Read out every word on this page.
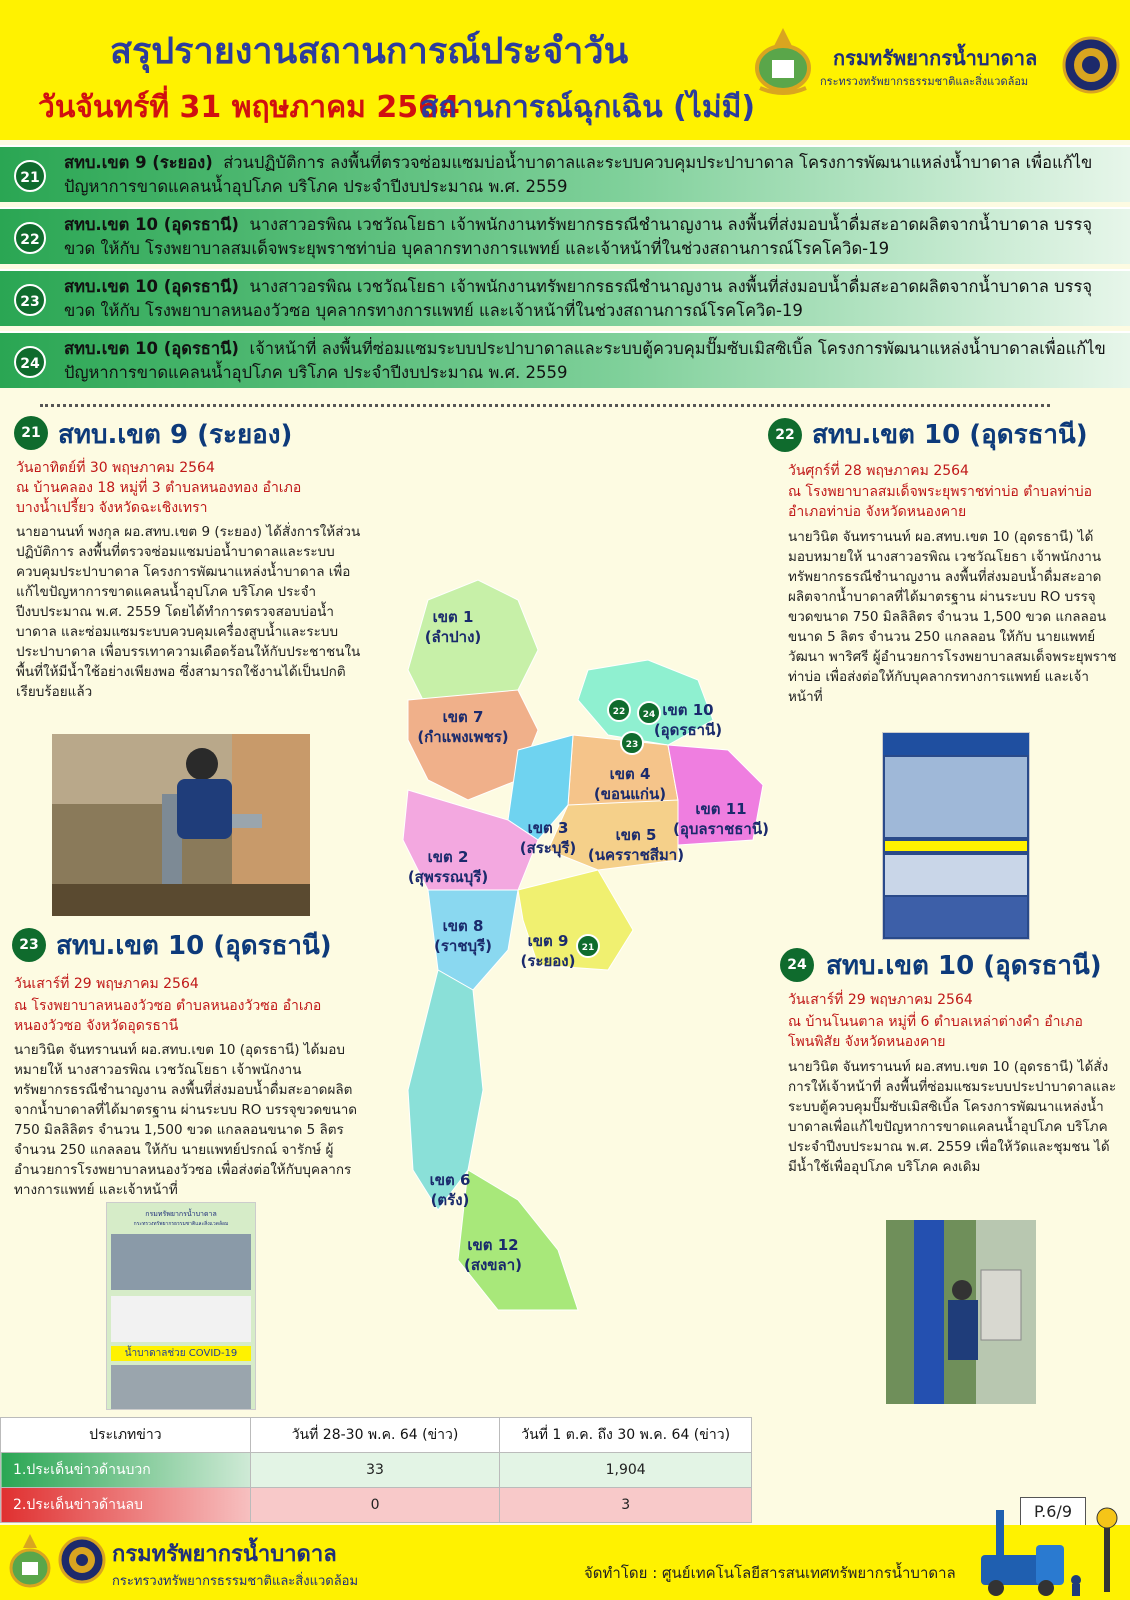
สรุปรายงานสถานการณ์ประจำวัน
วันจันทร์ที่ 31 พฤษภาคม 2564
สถานการณ์ฉุกเฉิน (ไม่มี)
กรมทรัพยากรน้ำบาดาล
กระทรวงทรัพยากรธรรมชาติและสิ่งแวดล้อม
21
สทบ.เขต 9 (ระยอง) ส่วนปฏิบัติการ ลงพื้นที่ตรวจซ่อมแซมบ่อน้ำบาดาลและระบบควบคุมประปาบาดาล โครงการพัฒนาแหล่งน้ำบาดาล เพื่อแก้ไขปัญหาการขาดแคลนน้ำอุปโภค บริโภค ประจำปีงบประมาณ พ.ศ. 2559
22
สทบ.เขต 10 (อุดรธานี) นางสาวอรพิณ เวชวัณโยธา เจ้าพนักงานทรัพยากรธรณีชำนาญงาน ลงพื้นที่ส่งมอบน้ำดื่มสะอาดผลิตจากน้ำบาดาล บรรจุขวด ให้กับ โรงพยาบาลสมเด็จพระยุพราชท่าบ่อ บุคลากรทางการแพทย์ และเจ้าหน้าที่ในช่วงสถานการณ์โรคโควิด-19
23
สทบ.เขต 10 (อุดรธานี) นางสาวอรพิณ เวชวัณโยธา เจ้าพนักงานทรัพยากรธรณีชำนาญงาน ลงพื้นที่ส่งมอบน้ำดื่มสะอาดผลิตจากน้ำบาดาล บรรจุขวด ให้กับ โรงพยาบาลหนองวัวซอ บุคลากรทางการแพทย์ และเจ้าหน้าที่ในช่วงสถานการณ์โรคโควิด-19
24
สทบ.เขต 10 (อุดรธานี) เจ้าหน้าที่ ลงพื้นที่ซ่อมแซมระบบประปาบาดาลและระบบตู้ควบคุมปั๊มซับเมิสซิเบิ้ล โครงการพัฒนาแหล่งน้ำบาดาลเพื่อแก้ไข ปัญหาการขาดแคลนน้ำอุปโภค บริโภค ประจำปีงบประมาณ พ.ศ. 2559
21 สทบ.เขต 9 (ระยอง)
วันอาทิตย์ที่ 30 พฤษภาคม 2564
ณ บ้านคลอง 18 หมู่ที่ 3 ตำบลหนองทอง อำเภอบางน้ำเปรี้ยว จังหวัดฉะเชิงเทรา
นายอานนท์ พงกุล ผอ.สทบ.เขต 9 (ระยอง) ได้สั่งการให้ส่วนปฏิบัติการ ลงพื้นที่ตรวจซ่อมแซมบ่อน้ำบาดาลและระบบควบคุมประปาบาดาล โครงการพัฒนาแหล่งน้ำบาดาล เพื่อแก้ไขปัญหาการขาดแคลนน้ำอุปโภค บริโภค ประจำปีงบประมาณ พ.ศ. 2559 โดยได้ทำการตรวจสอบบ่อน้ำบาดาล และซ่อมแซมระบบควบคุมเครื่องสูบน้ำและระบบประปาบาดาล เพื่อบรรเทาความเดือดร้อนให้กับประชาชนในพื้นที่ให้มีน้ำใช้อย่างเพียงพอ ซึ่งสามารถใช้งานได้เป็นปกติเรียบร้อยแล้ว
22 สทบ.เขต 10 (อุดรธานี)
วันศุกร์ที่ 28 พฤษภาคม 2564
ณ โรงพยาบาลสมเด็จพระยุพราชท่าบ่อ ตำบลท่าบ่อ อำเภอท่าบ่อ จังหวัดหนองคาย
นายวินิต จันทรานนท์ ผอ.สทบ.เขต 10 (อุดรธานี) ได้มอบหมายให้ นางสาวอรพิณ เวชวัณโยธา เจ้าพนักงานทรัพยากรธรณีชำนาญงาน ลงพื้นที่ส่งมอบน้ำดื่มสะอาดผลิตจากน้ำบาดาลที่ได้มาตรฐาน ผ่านระบบ RO บรรจุขวดขนาด 750 มิลลิลิตร จำนวน 1,500 ขวด แกลลอนขนาด 5 ลิตร จำนวน 250 แกลลอน ให้กับ นายแพทย์วัฒนา พาริศรี ผู้อำนวยการโรงพยาบาลสมเด็จพระยุพราชท่าบ่อ เพื่อส่งต่อให้กับบุคลากรทางการแพทย์ และเจ้าหน้าที่
23 สทบ.เขต 10 (อุดรธานี)
วันเสาร์ที่ 29 พฤษภาคม 2564
ณ โรงพยาบาลหนองวัวซอ ตำบลหนองวัวซอ อำเภอหนองวัวซอ จังหวัดอุดรธานี
นายวินิต จันทรานนท์ ผอ.สทบ.เขต 10 (อุดรธานี) ได้มอบหมายให้ นางสาวอรพิณ เวชวัณโยธา เจ้าพนักงานทรัพยากรธรณีชำนาญงาน ลงพื้นที่ส่งมอบน้ำดื่มสะอาดผลิตจากน้ำบาดาลที่ได้มาตรฐาน ผ่านระบบ RO บรรจุขวดขนาด 750 มิลลิลิตร จำนวน 1,500 ขวด แกลลอนขนาด 5 ลิตร จำนวน 250 แกลลอน ให้กับ นายแพทย์ปรกณ์ จารักษ์ ผู้อำนวยการโรงพยาบาลหนองวัวซอ เพื่อส่งต่อให้กับบุคลากรทางการแพทย์ และเจ้าหน้าที่
กรมทรัพยากรน้ำบาดาล
กระทรวงทรัพยากรธรรมชาติและสิ่งแวดล้อม
น้ำบาดาลช่วย COVID-19
24 สทบ.เขต 10 (อุดรธานี)
วันเสาร์ที่ 29 พฤษภาคม 2564
ณ บ้านโนนตาล หมู่ที่ 6 ตำบลเหล่าต่างคำ อำเภอโพนพิสัย จังหวัดหนองคาย
นายวินิต จันทรานนท์ ผอ.สทบ.เขต 10 (อุดรธานี) ได้สั่งการให้เจ้าหน้าที่ ลงพื้นที่ซ่อมแซมระบบประปาบาดาลและระบบตู้ควบคุมปั๊มซับเมิสซิเบิ้ล โครงการพัฒนาแหล่งน้ำบาดาลเพื่อแก้ไขปัญหาการขาดแคลนน้ำอุปโภค บริโภค ประจำปีงบประมาณ พ.ศ. 2559 เพื่อให้วัดและชุมชน ได้มีน้ำใช้เพื่ออุปโภค บริโภค คงเดิม
เขต 1
(ลำปาง)
เขต 7
(กำแพงเพชร)
เขต 10
(อุดรธานี)
เขต 4
(ขอนแก่น)
เขต 11
(อุบลราชธานี)
เขต 3
(สระบุรี)
เขต 5
(นครราชสีมา)
เขต 2
(สุพรรณบุรี)
เขต 8
(ราชบุรี) เขต 9
(ระยอง)
เขต 6
(ตรัง)
เขต 12
(สงขลา)
22 24
23
21
ประเภทข่าว	วันที่ 28-30 พ.ค. 64 (ข่าว)	วันที่ 1 ต.ค. ถึง 30 พ.ค. 64 (ข่าว)
1.ประเด็นข่าวด้านบวก	33	1,904
2.ประเด็นข่าวด้านลบ	0	3	P.6/9
กรมทรัพยากรน้ำบาดาล
กระทรวงทรัพยากรธรรมชาติและสิ่งแวดล้อม	จัดทำโดย : ศูนย์เทคโนโลยีสารสนเทศทรัพยากรน้ำบาดาล
